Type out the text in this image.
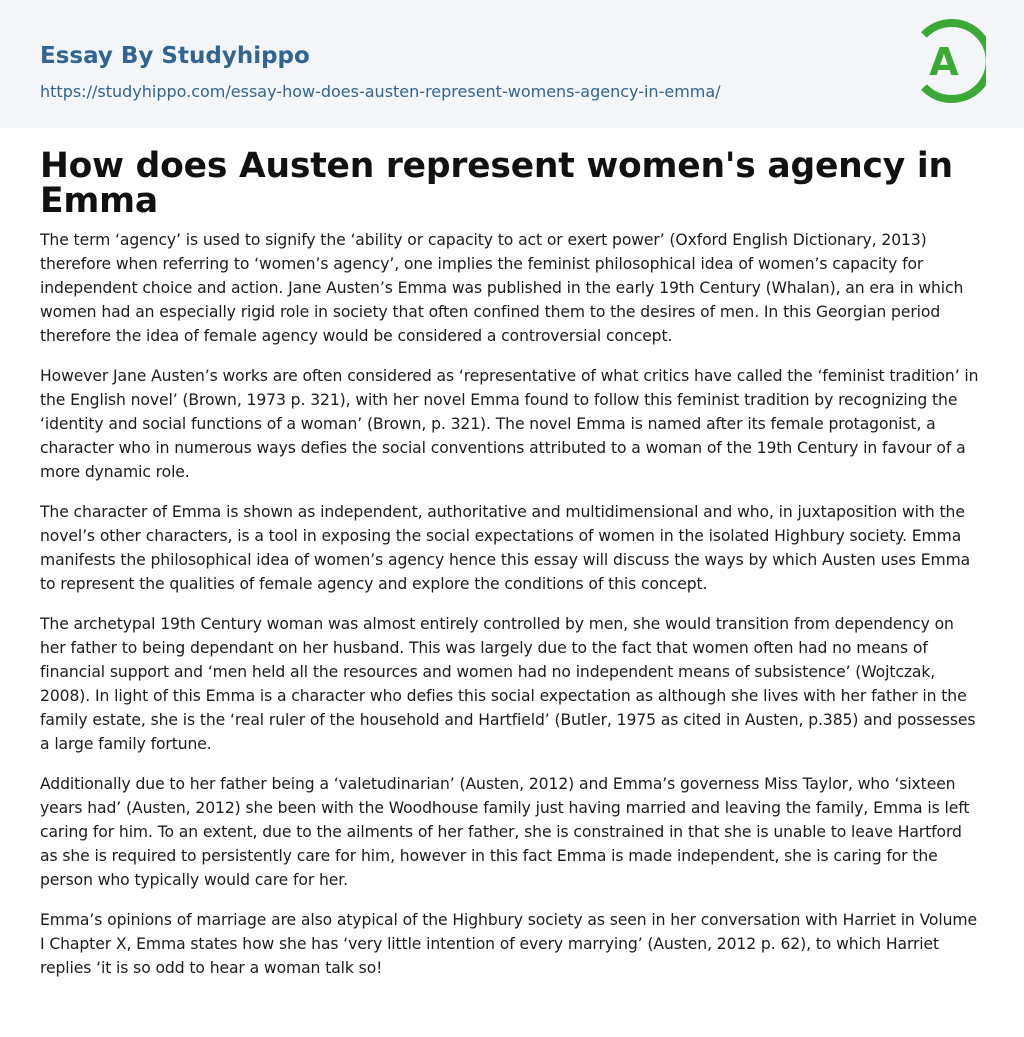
Essay By Studyhippo
https://studyhippo.com/essay-how-does-austen-represent-womens-agency-in-emma/
A
How does Austen represent women's agency in Emma

The term ‘agency’ is used to signify the ‘ability or capacity to act or exert power’ (Oxford English Dictionary, 2013) therefore when referring to ‘women’s agency’, one implies the feminist philosophical idea of women’s capacity for independent choice and action. Jane Austen’s Emma was published in the early 19th Century (Whalan), an era in which women had an especially rigid role in society that often confined them to the desires of men. In this Georgian period therefore the idea of female agency would be considered a controversial concept.

However Jane Austen’s works are often considered as ‘representative of what critics have called the ‘feminist tradition’ in the English novel’ (Brown, 1973 p. 321), with her novel Emma found to follow this feminist tradition by recognizing the ‘identity and social functions of a woman’ (Brown, p. 321). The novel Emma is named after its female protagonist, a character who in numerous ways defies the social conventions attributed to a woman of the 19th Century in favour of a more dynamic role.

The character of Emma is shown as independent, authoritative and multidimensional and who, in juxtaposition with the novel’s other characters, is a tool in exposing the social expectations of women in the isolated Highbury society. Emma manifests the philosophical idea of women’s agency hence this essay will discuss the ways by which Austen uses Emma to represent the qualities of female agency and explore the conditions of this concept.

The archetypal 19th Century woman was almost entirely controlled by men, she would transition from dependency on her father to being dependant on her husband. This was largely due to the fact that women often had no means of financial support and ‘men held all the resources and women had no independent means of subsistence’ (Wojtczak, 2008). In light of this Emma is a character who defies this social expectation as although she lives with her father in the family estate, she is the ‘real ruler of the household and Hartfield’ (Butler, 1975 as cited in Austen, p.385) and possesses a large family fortune.

Additionally due to her father being a ‘valetudinarian’ (Austen, 2012) and Emma’s governess Miss Taylor, who ‘sixteen years had’ (Austen, 2012) she been with the Woodhouse family just having married and leaving the family, Emma is left caring for him. To an extent, due to the ailments of her father, she is constrained in that she is unable to leave Hartford as she is required to persistently care for him, however in this fact Emma is made independent, she is caring for the person who typically would care for her.

Emma’s opinions of marriage are also atypical of the Highbury society as seen in her conversation with Harriet in Volume I Chapter X, Emma states how she has ‘very little intention of every marrying’ (Austen, 2012 p. 62), to which Harriet replies ‘it is so odd to hear a woman talk so!
